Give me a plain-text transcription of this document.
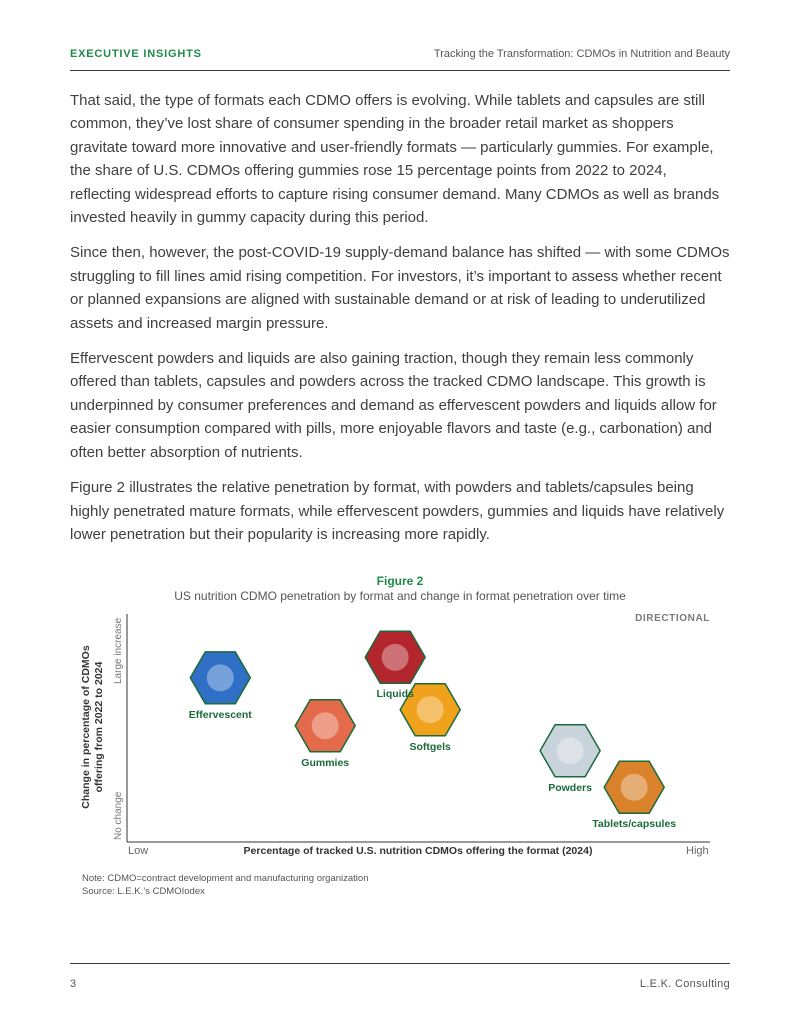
EXECUTIVE INSIGHTS	Tracking the Transformation: CDMOs in Nutrition and Beauty

That said, the type of formats each CDMO offers is evolving. While tablets and capsules are still common, they’ve lost share of consumer spending in the broader retail market as shoppers gravitate toward more innovative and user-friendly formats — particularly gummies. For example, the share of U.S. CDMOs offering gummies rose 15 percentage points from 2022 to 2024, reflecting widespread efforts to capture rising consumer demand. Many CDMOs as well as brands invested heavily in gummy capacity during this period.

Since then, however, the post-COVID-19 supply-demand balance has shifted — with some CDMOs struggling to fill lines amid rising competition. For investors, it’s important to assess whether recent or planned expansions are aligned with sustainable demand or at risk of leading to underutilized assets and increased margin pressure.

Effervescent powders and liquids are also gaining traction, though they remain less commonly offered than tablets, capsules and powders across the tracked CDMO landscape. This growth is underpinned by consumer preferences and demand as effervescent powders and liquids allow for easier consumption compared with pills, more enjoyable flavors and taste (e.g., carbonation) and often better absorption of nutrients.

Figure 2 illustrates the relative penetration by format, with powders and tablets/capsules being highly penetrated mature formats, while effervescent powders, gummies and liquids have relatively lower penetration but their popularity is increasing more rapidly.

Figure 2
US nutrition CDMO penetration by format and change in format penetration over time
DIRECTIONAL
Change in percentage of CDMOs offering from 2022 to 2024
No change
Large increase
Effervescent
Gummies
Liquids
Softgels
Powders
Tablets/capsules
Low	Percentage of tracked U.S. nutrition CDMOs offering the format (2024)	High
Note: CDMO=contract development and manufacturing organization
Source: L.E.K.’s CDMOIodex
3	L.E.K. Consulting
